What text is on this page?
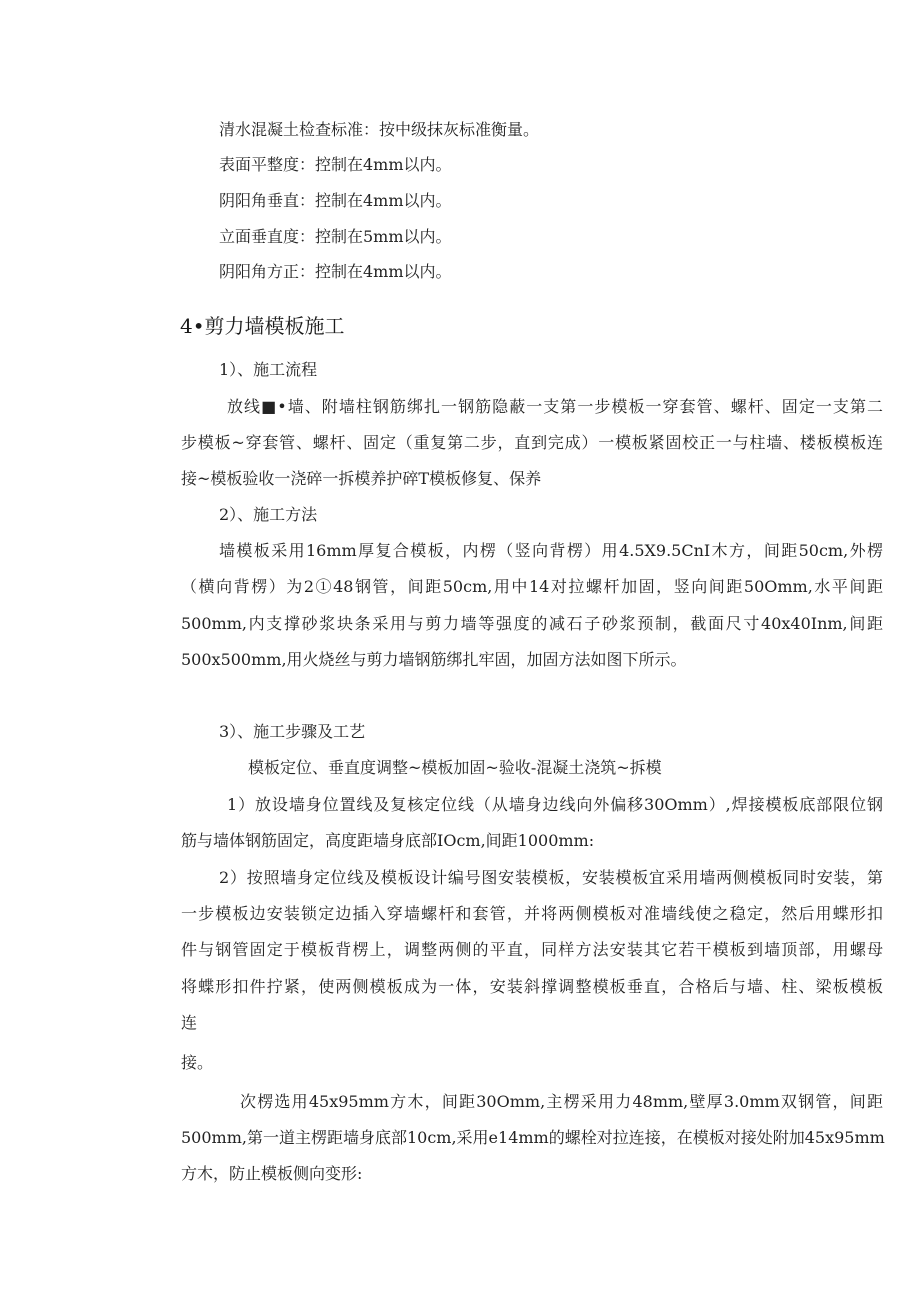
清水混凝土检查标准：按中级抹灰标准衡量。
表面平整度：控制在4mm以内。
阴阳角垂直：控制在4mm以内。
立面垂直度：控制在5mm以内。
阴阳角方正：控制在4mm以内。
4•剪力墙模板施工
1）、施工流程
放线■•墙、附墙柱钢筋绑扎一钢筋隐蔽一支第一步模板一穿套管、螺杆、固定一支第二
步模板~穿套管、螺杆、固定（重复第二步，直到完成）一模板紧固校正一与柱墙、楼板模板连
接~模板验收一浇碎一拆模养护碎T模板修复、保养
2）、施工方法
墙模板采用16mm厚复合模板，内楞（竖向背楞）用4.5X9.5CnI木方，间距50cm,外楞
（横向背楞）为2①48钢管，间距50cm,用中14对拉螺杆加固，竖向间距50Omm,水平间距
500mm,内支撑砂浆块条采用与剪力墙等强度的减石子砂浆预制，截面尺寸40x40Inm,间距
500x500mm,用火烧丝与剪力墙钢筋绑扎牢固，加固方法如图下所示。
3）、施工步骤及工艺
模板定位、垂直度调整~模板加固~验收-混凝土浇筑~拆模
1）放设墙身位置线及复核定位线（从墙身边线向外偏移30Omm）,焊接模板底部限位钢
筋与墙体钢筋固定，高度距墙身底部IOcm,间距1000mm:
2）按照墙身定位线及模板设计编号图安装模板，安装模板宜采用墙两侧模板同时安装，第
一步模板边安装锁定边插入穿墙螺杆和套管，并将两侧模板对准墙线使之稳定，然后用蝶形扣
件与钢管固定于模板背楞上，调整两侧的平直，同样方法安装其它若干模板到墙顶部，用螺母
将蝶形扣件拧紧，使两侧模板成为一体，安装斜撑调整模板垂直，合格后与墙、柱、梁板模板
连
接。
次楞选用45x95mm方木，间距30Omm,主楞采用力48mm,壁厚3.0mm双钢管，间距
500mm,第一道主楞距墙身底部10cm,采用e14mm的螺栓对拉连接，在模板对接处附加45x95mm
方木，防止模板侧向变形:
